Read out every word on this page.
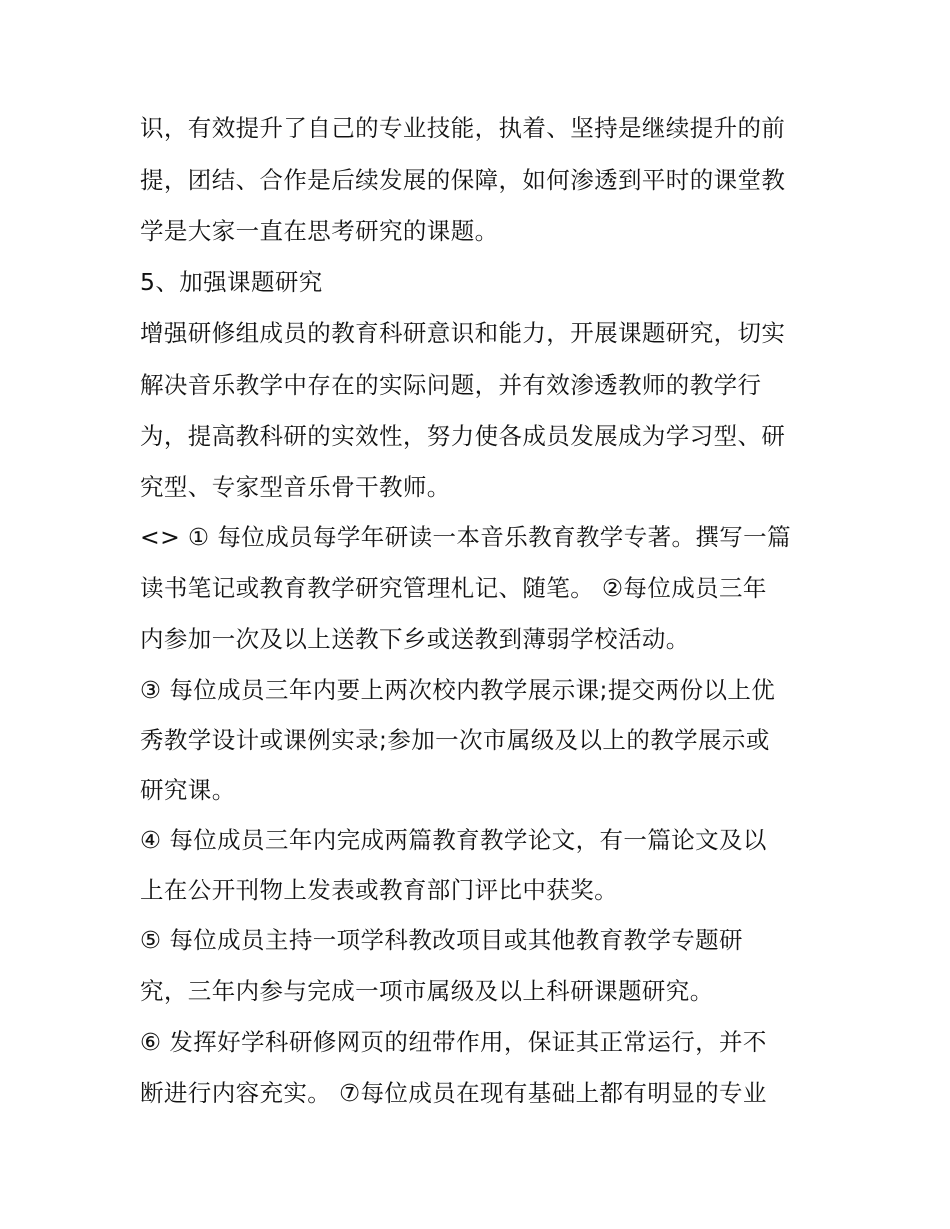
识，有效提升了自己的专业技能，执着、坚持是继续提升的前
提，团结、合作是后续发展的保障，如何渗透到平时的课堂教
学是大家一直在思考研究的课题。
5、加强课题研究
增强研修组成员的教育科研意识和能力，开展课题研究，切实
解决音乐教学中存在的实际问题，并有效渗透教师的教学行
为，提高教科研的实效性，努力使各成员发展成为学习型、研
究型、专家型音乐骨干教师。
<> ① 每位成员每学年研读一本音乐教育教学专著。撰写一篇
读书笔记或教育教学研究管理札记、随笔。 ②每位成员三年
内参加一次及以上送教下乡或送教到薄弱学校活动。
③ 每位成员三年内要上两次校内教学展示课;提交两份以上优
秀教学设计或课例实录;参加一次市属级及以上的教学展示或
研究课。
④ 每位成员三年内完成两篇教育教学论文，有一篇论文及以
上在公开刊物上发表或教育部门评比中获奖。
⑤ 每位成员主持一项学科教改项目或其他教育教学专题研
究，三年内参与完成一项市属级及以上科研课题研究。
⑥ 发挥好学科研修网页的纽带作用，保证其正常运行，并不
断进行内容充实。 ⑦每位成员在现有基础上都有明显的专业
